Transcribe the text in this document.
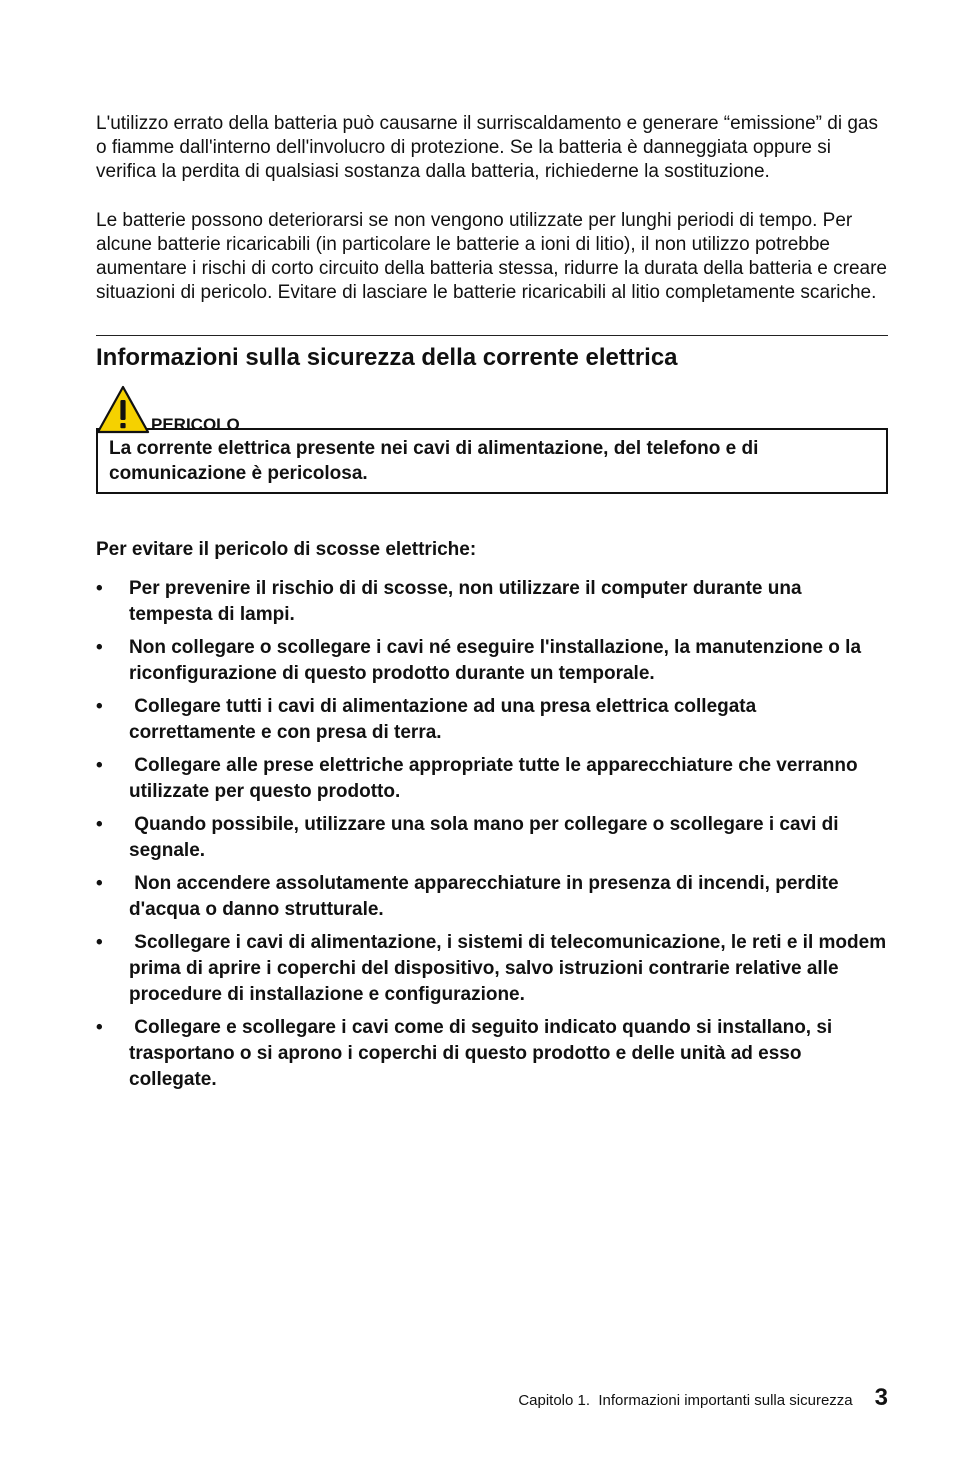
L'utilizzo errato della batteria può causarne il surriscaldamento e generare “emissione” di gas o fiamme dall'interno dell'involucro di protezione. Se la batteria è danneggiata oppure si verifica la perdita di qualsiasi sostanza dalla batteria, richiederne la sostituzione.

Le batterie possono deteriorarsi se non vengono utilizzate per lunghi periodi di tempo. Per alcune batterie ricaricabili (in particolare le batterie a ioni di litio), il non utilizzo potrebbe aumentare i rischi di corto circuito della batteria stessa, ridurre la durata della batteria e creare situazioni di pericolo. Evitare di lasciare le batterie ricaricabili al litio completamente scariche.

Informazioni sulla sicurezza della corrente elettrica
PERICOLO
La corrente elettrica presente nei cavi di alimentazione, del telefono e di comunicazione è pericolosa.

Per evitare il pericolo di scosse elettriche:

• Per prevenire il rischio di di scosse, non utilizzare il computer durante una tempesta di lampi.
• Non collegare o scollegare i cavi né eseguire l'installazione, la manutenzione o la riconfigurazione di questo prodotto durante un temporale.
• Collegare tutti i cavi di alimentazione ad una presa elettrica collegata correttamente e con presa di terra.
• Collegare alle prese elettriche appropriate tutte le apparecchiature che verranno utilizzate per questo prodotto.
• Quando possibile, utilizzare una sola mano per collegare o scollegare i cavi di segnale.
• Non accendere assolutamente apparecchiature in presenza di incendi, perdite d'acqua o danno strutturale.
• Scollegare i cavi di alimentazione, i sistemi di telecomunicazione, le reti e il modem prima di aprire i coperchi del dispositivo, salvo istruzioni contrarie relative alle procedure di installazione e configurazione.
• Collegare e scollegare i cavi come di seguito indicato quando si installano, si trasportano o si aprono i coperchi di questo prodotto e delle unità ad esso collegate.
Capitolo 1.  Informazioni importanti sulla sicurezza 3
